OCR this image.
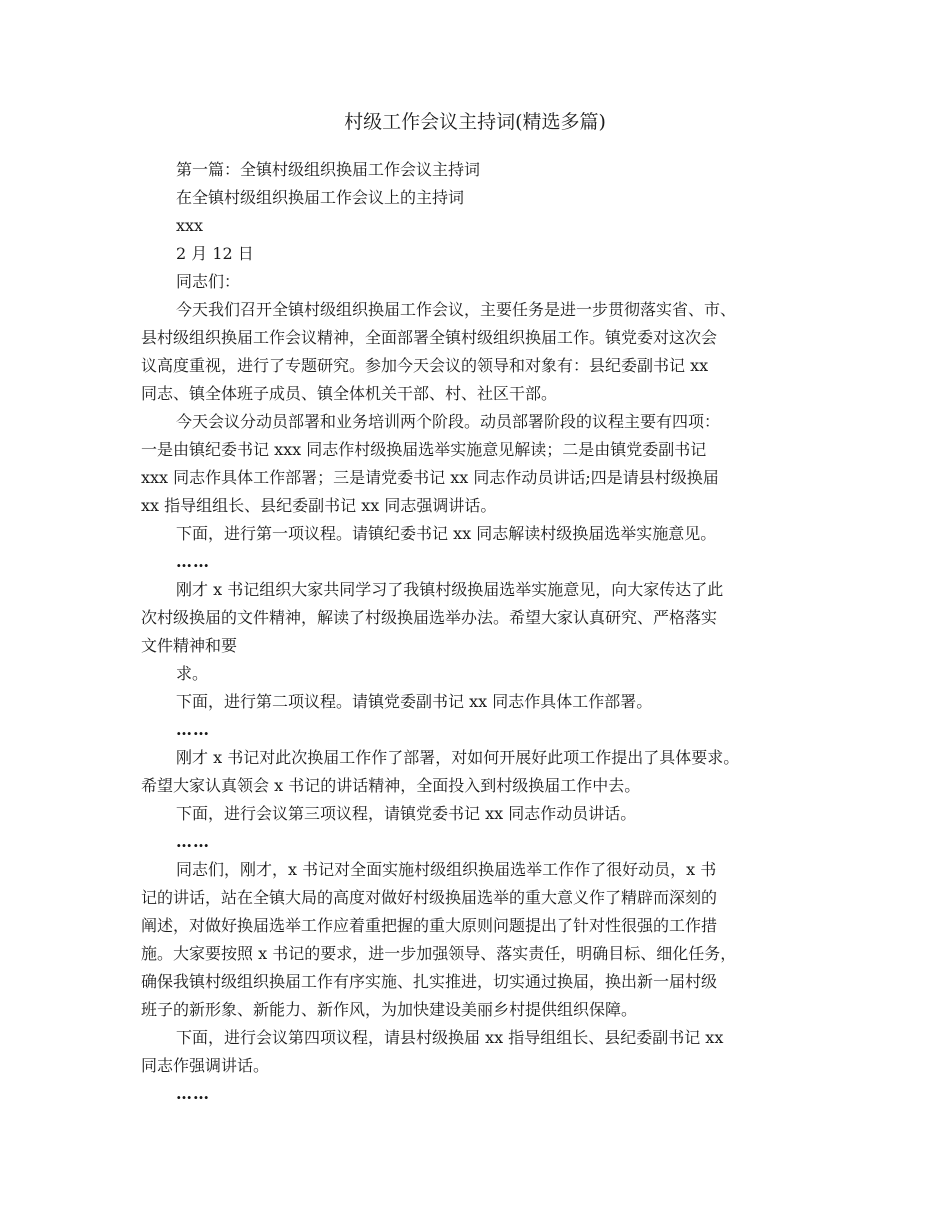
村级工作会议主持词(精选多篇)
第一篇：全镇村级组织换届工作会议主持词
在全镇村级组织换届工作会议上的主持词
xxx
2 月 12 日
同志们：
今天我们召开全镇村级组织换届工作会议，主要任务是进一步贯彻落实省、市、
县村级组织换届工作会议精神，全面部署全镇村级组织换届工作。镇党委对这次会
议高度重视，进行了专题研究。参加今天会议的领导和对象有：县纪委副书记 xx
同志、镇全体班子成员、镇全体机关干部、村、社区干部。
今天会议分动员部署和业务培训两个阶段。动员部署阶段的议程主要有四项：
一是由镇纪委书记 xxx 同志作村级换届选举实施意见解读；二是由镇党委副书记
xxx 同志作具体工作部署；三是请党委书记 xx 同志作动员讲话;四是请县村级换届
xx 指导组组长、县纪委副书记 xx 同志强调讲话。
下面，进行第一项议程。请镇纪委书记 xx 同志解读村级换届选举实施意见。
……
刚才 x 书记组织大家共同学习了我镇村级换届选举实施意见，向大家传达了此
次村级换届的文件精神，解读了村级换届选举办法。希望大家认真研究、严格落实
文件精神和要
求。
下面，进行第二项议程。请镇党委副书记 xx 同志作具体工作部署。
……
刚才 x 书记对此次换届工作作了部署，对如何开展好此项工作提出了具体要求。
希望大家认真领会 x 书记的讲话精神，全面投入到村级换届工作中去。
下面，进行会议第三项议程，请镇党委书记 xx 同志作动员讲话。
……
同志们，刚才，x 书记对全面实施村级组织换届选举工作作了很好动员，x 书
记的讲话，站在全镇大局的高度对做好村级换届选举的重大意义作了精辟而深刻的
阐述，对做好换届选举工作应着重把握的重大原则问题提出了针对性很强的工作措
施。大家要按照 x 书记的要求，进一步加强领导、落实责任，明确目标、细化任务，
确保我镇村级组织换届工作有序实施、扎实推进，切实通过换届，换出新一届村级
班子的新形象、新能力、新作风，为加快建设美丽乡村提供组织保障。
下面，进行会议第四项议程，请县村级换届 xx 指导组组长、县纪委副书记 xx
同志作强调讲话。
……
